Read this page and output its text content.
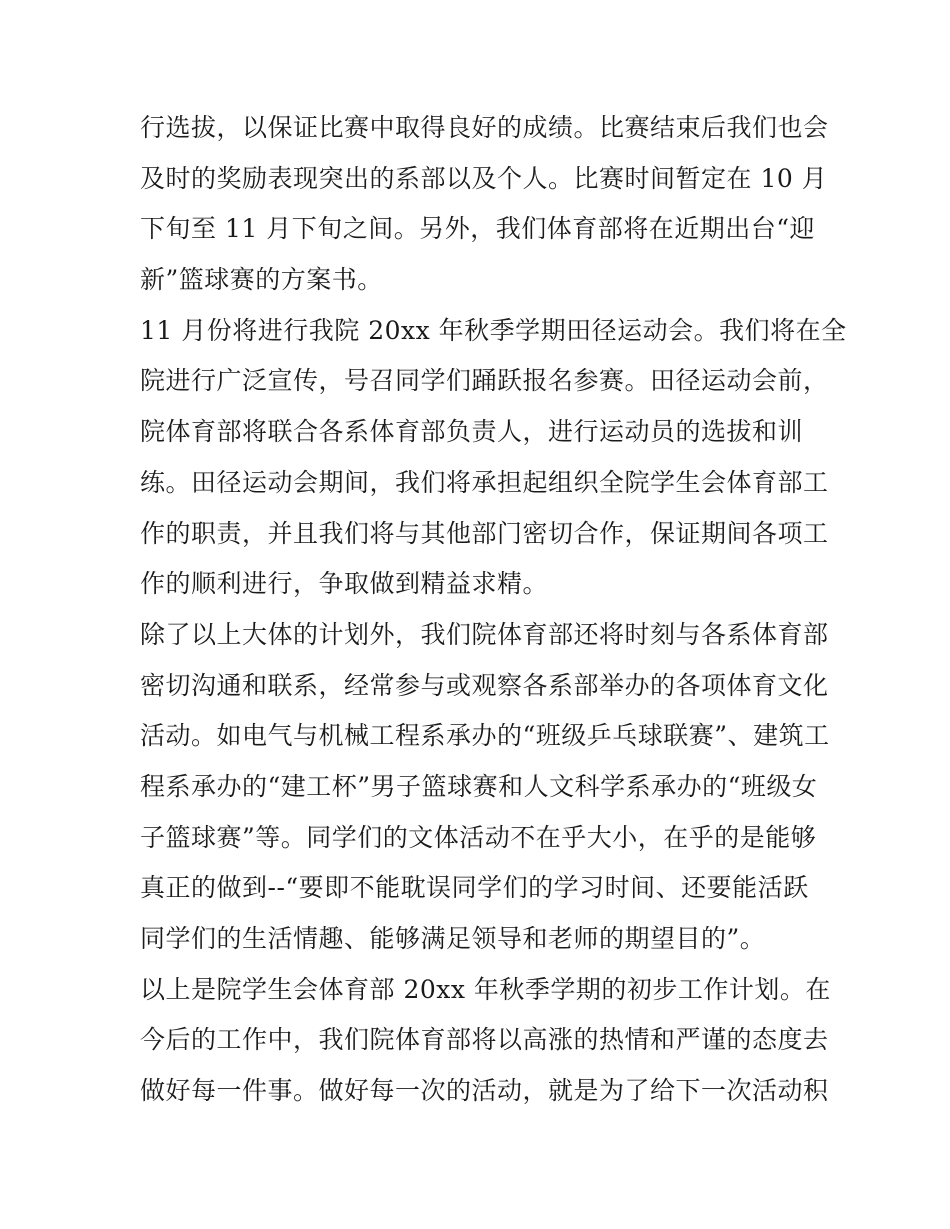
行选拔，以保证比赛中取得良好的成绩。比赛结束后我们也会
及时的奖励表现突出的系部以及个人。比赛时间暂定在 10 月
下旬至 11 月下旬之间。另外，我们体育部将在近期出台“迎
新”篮球赛的方案书。
11 月份将进行我院 20xx 年秋季学期田径运动会。我们将在全
院进行广泛宣传，号召同学们踊跃报名参赛。田径运动会前，
院体育部将联合各系体育部负责人，进行运动员的选拔和训
练。田径运动会期间，我们将承担起组织全院学生会体育部工
作的职责，并且我们将与其他部门密切合作，保证期间各项工
作的顺利进行，争取做到精益求精。
除了以上大体的计划外，我们院体育部还将时刻与各系体育部
密切沟通和联系，经常参与或观察各系部举办的各项体育文化
活动。如电气与机械工程系承办的“班级乒乓球联赛”、建筑工
程系承办的“建工杯”男子篮球赛和人文科学系承办的“班级女
子篮球赛”等。同学们的文体活动不在乎大小，在乎的是能够
真正的做到--“要即不能耽误同学们的学习时间、还要能活跃
同学们的生活情趣、能够满足领导和老师的期望目的”。
以上是院学生会体育部 20xx 年秋季学期的初步工作计划。在
今后的工作中，我们院体育部将以高涨的热情和严谨的态度去
做好每一件事。做好每一次的活动，就是为了给下一次活动积
